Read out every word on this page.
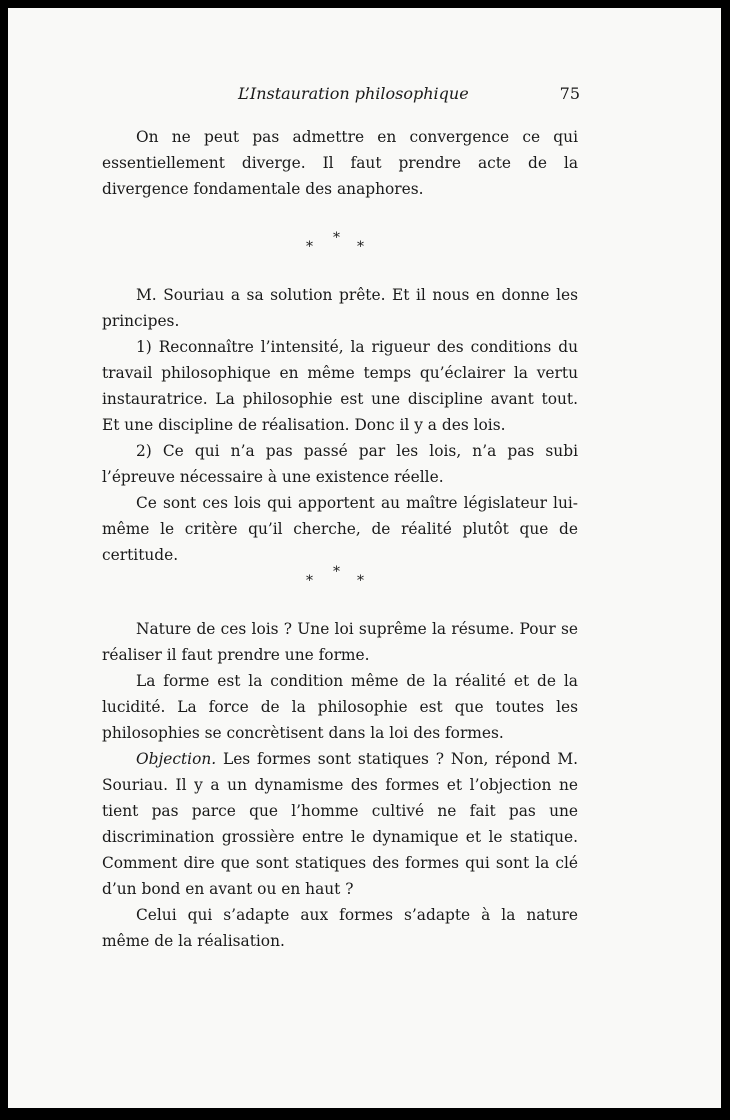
L’Instauration philosophique	75

On ne peut pas admettre en convergence ce qui essentiellement diverge. Il faut prendre acte de la divergence fondamentale des anaphores.

*
*	*

M. Souriau a sa solution prête. Et il nous en donne les principes.

1) Reconnaître l’intensité, la rigueur des conditions du travail philosophique en même temps qu’éclairer la vertu instauratrice. La philosophie est une discipline avant tout. Et une discipline de réalisation. Donc il y a des lois.

2) Ce qui n’a pas passé par les lois, n’a pas subi l’épreuve nécessaire à une existence réelle.

Ce sont ces lois qui apportent au maître législateur lui-même le critère qu’il cherche, de réalité plutôt que de certitude.

*
*	*

Nature de ces lois ? Une loi suprême la résume. Pour se réaliser il faut prendre une forme.

La forme est la condition même de la réalité et de la lucidité. La force de la philosophie est que toutes les philosophies se concrètisent dans la loi des formes.

Objection. Les formes sont statiques ? Non, répond M. Souriau. Il y a un dynamisme des formes et l’objection ne tient pas parce que l’homme cultivé ne fait pas une discrimination grossière entre le dynamique et le statique. Comment dire que sont statiques des formes qui sont la clé d’un bond en avant ou en haut ?

Celui qui s’adapte aux formes s’adapte à la nature même de la réalisation.
